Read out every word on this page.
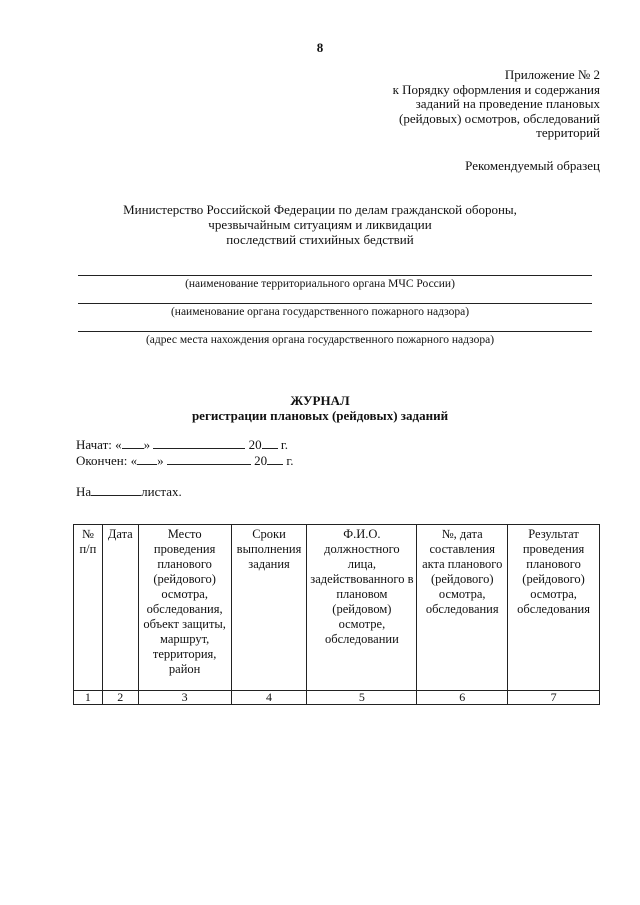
8
Приложение № 2
к Порядку оформления и содержания
заданий на проведение плановых
(рейдовых) осмотров, обследований
территорий
Рекомендуемый образец
Министерство Российской Федерации по делам гражданской обороны,
чрезвычайным ситуациям и ликвидации
последствий стихийных бедствий
(наименование территориального органа МЧС России)
(наименование органа государственного пожарного надзора)
(адрес места нахождения органа государственного пожарного надзора)
ЖУРНАЛ
регистрации плановых (рейдовых) заданий
Начат: « »	20 г.
Окончен: « »	20 г.
На	листах.
№ п/п	Дата	Место проведения планового (рейдового) осмотра, обследования, объект защиты, маршрут, территория, район	Сроки выполнения задания	Ф.И.О. должностного лица, задействованного в плановом (рейдовом) осмотре, обследовании	№, дата составления акта планового (рейдового) осмотра, обследования	Результат проведения планового (рейдового) осмотра, обследования
1	2	3	4	5	6	7
